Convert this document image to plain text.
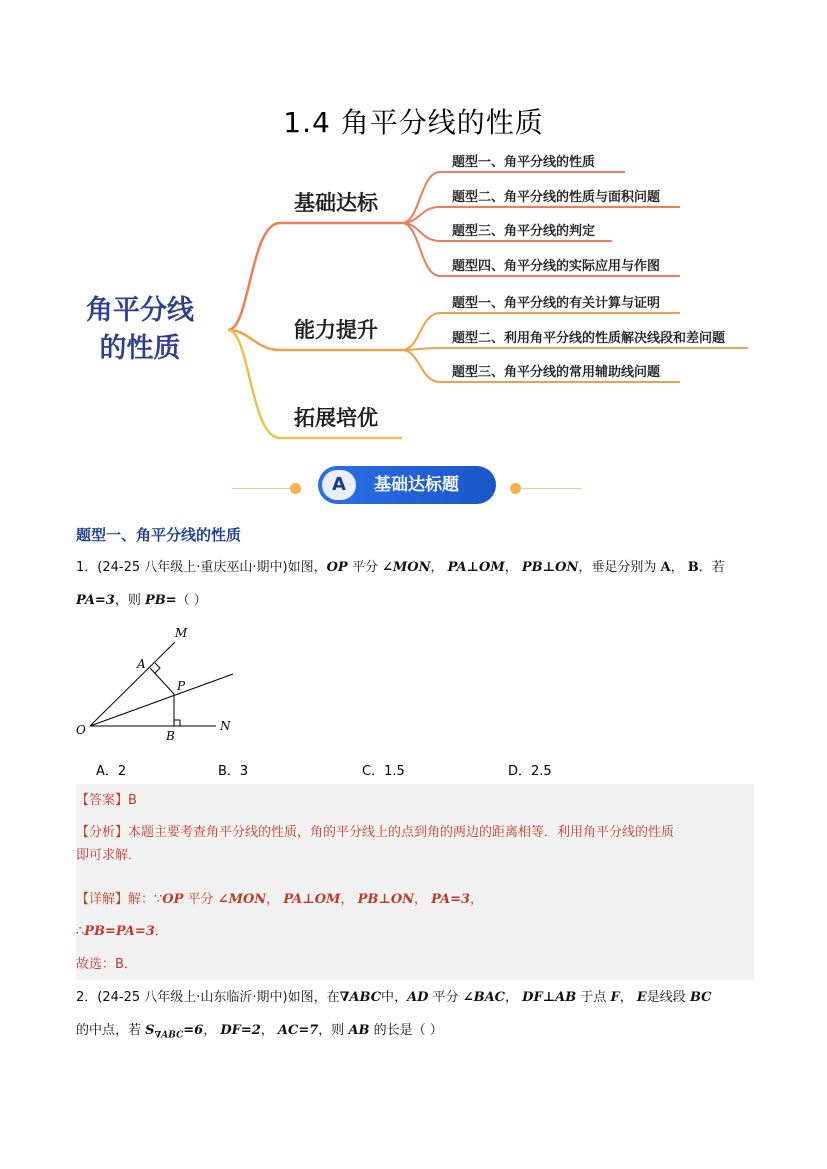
1.4 角平分线的性质
角平分线
的性质
基础达标
能力提升
拓展培优
题型一、角平分线的性质
题型二、角平分线的性质与面积问题
题型三、角平分线的判定
题型四、角平分线的实际应用与作图
题型一、角平分线的有关计算与证明
题型二、利用角平分线的性质解决线段和差问题
题型三、角平分线的常用辅助线问题
A	基础达标题
题型一、角平分线的性质
1．(24-25 八年级上·重庆巫山·期中)如图，OP 平分 ∠MON， PA⊥OM， PB⊥ON，垂足分别为 A， B．若
PA=3，则 PB=（ ）
M
A
P
O	B
N
A．2	B．3	C．1.5	D．2.5
【答案】B
【分析】本题主要考查角平分线的性质，角的平分线上的点到角的两边的距离相等．利用角平分线的性质
即可求解．
【详解】解：∵OP 平分 ∠MON， PA⊥OM， PB⊥ON， PA=3，
∴PB=PA=3．
故选：B．
2．(24-25 八年级上·山东临沂·期中)如图，在∇ABC中，AD 平分 ∠BAC， DF⊥AB 于点 F， E是线段 BC
的中点，若 $S_{\nabla ABC}=6$， DF=2， AC=7，则 AB 的长是（ ）
